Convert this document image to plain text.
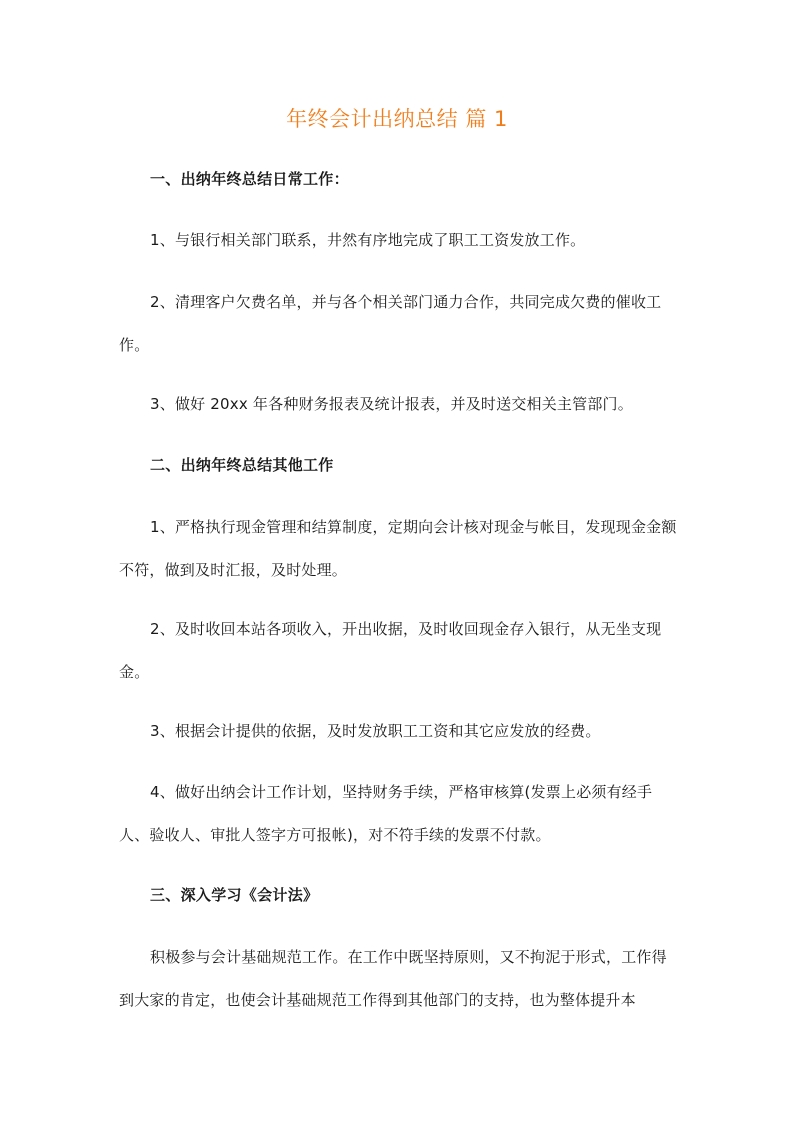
年终会计出纳总结 篇 1

一、出纳年终总结日常工作：

1、与银行相关部门联系，井然有序地完成了职工工资发放工作。

2、清理客户欠费名单，并与各个相关部门通力合作，共同完成欠费的催收工作。

3、做好 20xx 年各种财务报表及统计报表，并及时送交相关主管部门。

二、出纳年终总结其他工作

1、严格执行现金管理和结算制度，定期向会计核对现金与帐目，发现现金金额不符，做到及时汇报，及时处理。

2、及时收回本站各项收入，开出收据，及时收回现金存入银行，从无坐支现金。

3、根据会计提供的依据，及时发放职工工资和其它应发放的经费。

4、做好出纳会计工作计划，坚持财务手续，严格审核算(发票上必须有经手人、验收人、审批人签字方可报帐)，对不符手续的发票不付款。

三、深入学习《会计法》

积极参与会计基础规范工作。在工作中既坚持原则，又不拘泥于形式，工作得到大家的肯定，也使会计基础规范工作得到其他部门的支持，也为整体提升本
